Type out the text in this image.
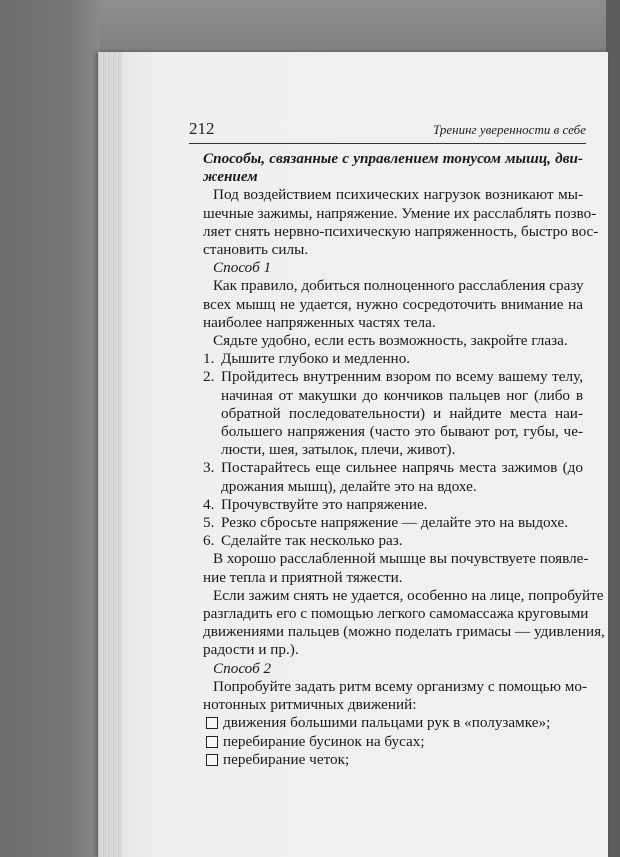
212	Тренинг уверенности в себе
Способы, связанные с управлением тонусом мышц, дви-
жением
Под воздействием психических нагрузок возникают мы-
шечные зажимы, напряжение. Умение их расслаблять позво-
ляет снять нервно-психическую напряженность, быстро вос-
становить силы.
Способ 1
Как правило, добиться полноценного расслабления сразу
всех мышц не удается, нужно сосредоточить внимание на
наиболее напряженных частях тела.
Сядьте удобно, если есть возможность, закройте глаза.
1. Дышите глубоко и медленно.
2. Пройдитесь внутренним взором по всему вашему телу,
начиная от макушки до кончиков пальцев ног (либо в
обратной последовательности) и найдите места наи-
большего напряжения (часто это бывают рот, губы, че-
люсти, шея, затылок, плечи, живот).
3. Постарайтесь еще сильнее напрячь места зажимов (до
дрожания мышц), делайте это на вдохе.
4. Прочувствуйте это напряжение.
5. Резко сбросьте напряжение — делайте это на выдохе.
6. Сделайте так несколько раз.
В хорошо расслабленной мышце вы почувствуете появле-
ние тепла и приятной тяжести.
Если зажим снять не удается, особенно на лице, попробуйте
разгладить его с помощью легкого самомассажа круговыми
движениями пальцев (можно поделать гримасы — удивления,
радости и пр.).
Способ 2
Попробуйте задать ритм всему организму с помощью мо-
нотонных ритмичных движений:
движения большими пальцами рук в «полузамке»;
перебирание бусинок на бусах;
перебирание четок;
